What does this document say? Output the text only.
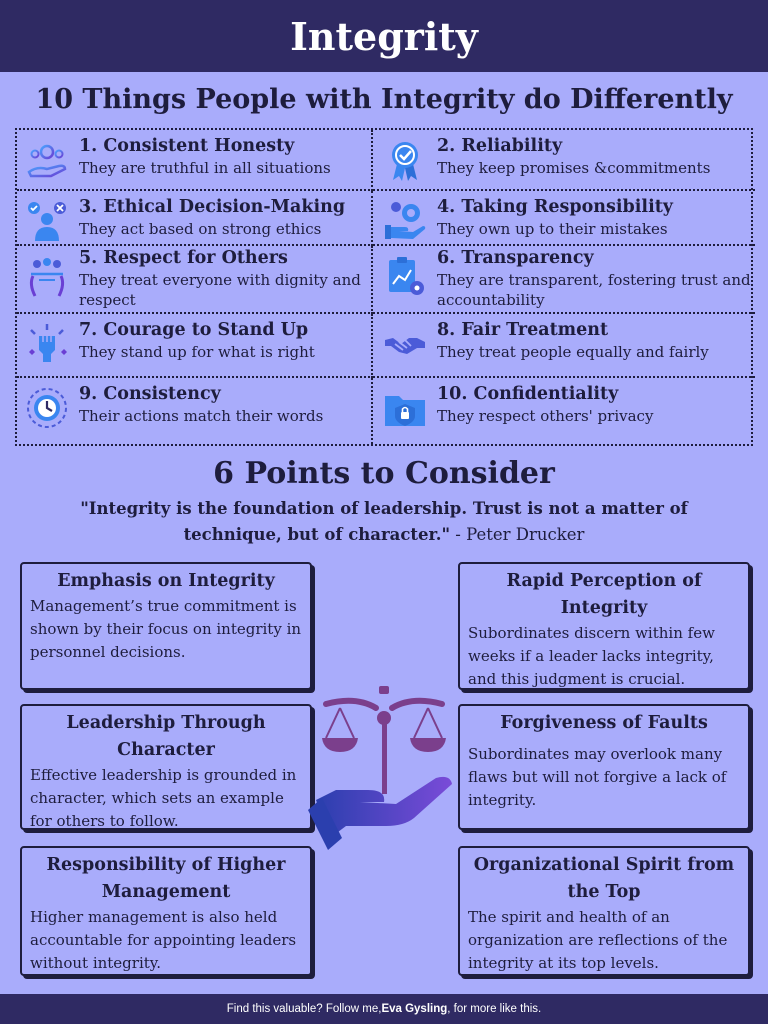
Integrity
10 Things People with Integrity do Differently
1. Consistent Honesty
They are truthful in all situations
2. Reliability
They keep promises &commitments
3. Ethical Decision-Making
They act based on strong ethics
4. Taking Responsibility
They own up to their mistakes
5. Respect for Others
They treat everyone with dignity and respect
6. Transparency
They are transparent, fostering trust and accountability
7. Courage to Stand Up
They stand up for what is right
8. Fair Treatment
They treat people equally and fairly
9. Consistency
Their actions match their words
10. Confidentiality
They respect others' privacy
6 Points to Consider
"Integrity is the foundation of leadership. Trust is not a matter of technique, but of character." - Peter Drucker
Emphasis on Integrity
Management’s true commitment is shown by their focus on integrity in personnel decisions.
Rapid Perception of Integrity
Subordinates discern within few weeks if a leader lacks integrity, and this judgment is crucial.
Leadership Through Character
Effective leadership is grounded in character, which sets an example for others to follow.
Forgiveness of Faults
Subordinates may overlook many flaws but will not forgive a lack of integrity.
Responsibility of Higher Management
Higher management is also held accountable for appointing leaders without integrity.
Organizational Spirit from the Top
The spirit and health of an organization are reflections of the integrity at its top levels.
Find this valuable? Follow me, Eva Gysling , for more like this.
